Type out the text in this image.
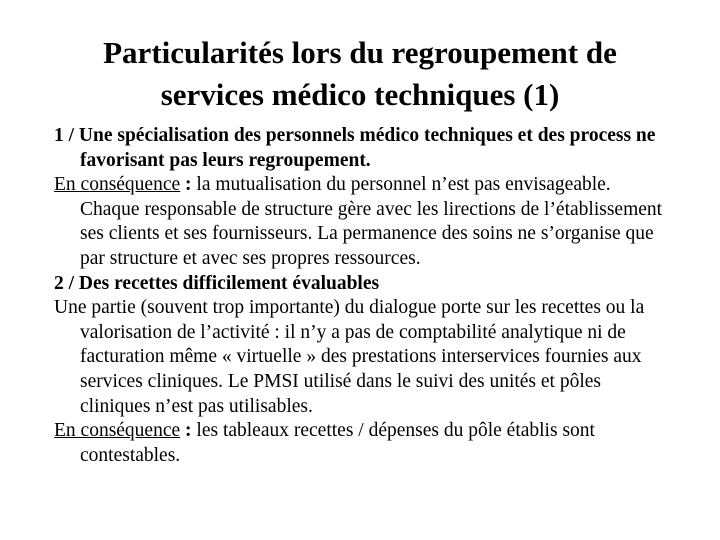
Particularités lors du regroupement de
services médico techniques (1)

1 / Une spécialisation des personnels médico techniques et des process ne favorisant pas leurs regroupement.

En conséquence : la mutualisation du personnel n’est pas envisageable. Chaque responsable de structure gère avec les lirections de l’établissement ses clients et ses fournisseurs. La permanence des soins ne s’organise que par structure et avec ses propres ressources.

2 / Des recettes difficilement évaluables

Une partie (souvent trop importante) du dialogue porte sur les recettes ou la valorisation de l’activité : il n’y a pas de comptabilité analytique ni de facturation même « virtuelle » des prestations interservices fournies aux services cliniques. Le PMSI utilisé dans le suivi des unités et pôles cliniques n’est pas utilisables.

En conséquence : les tableaux recettes / dépenses du pôle établis sont contestables.
